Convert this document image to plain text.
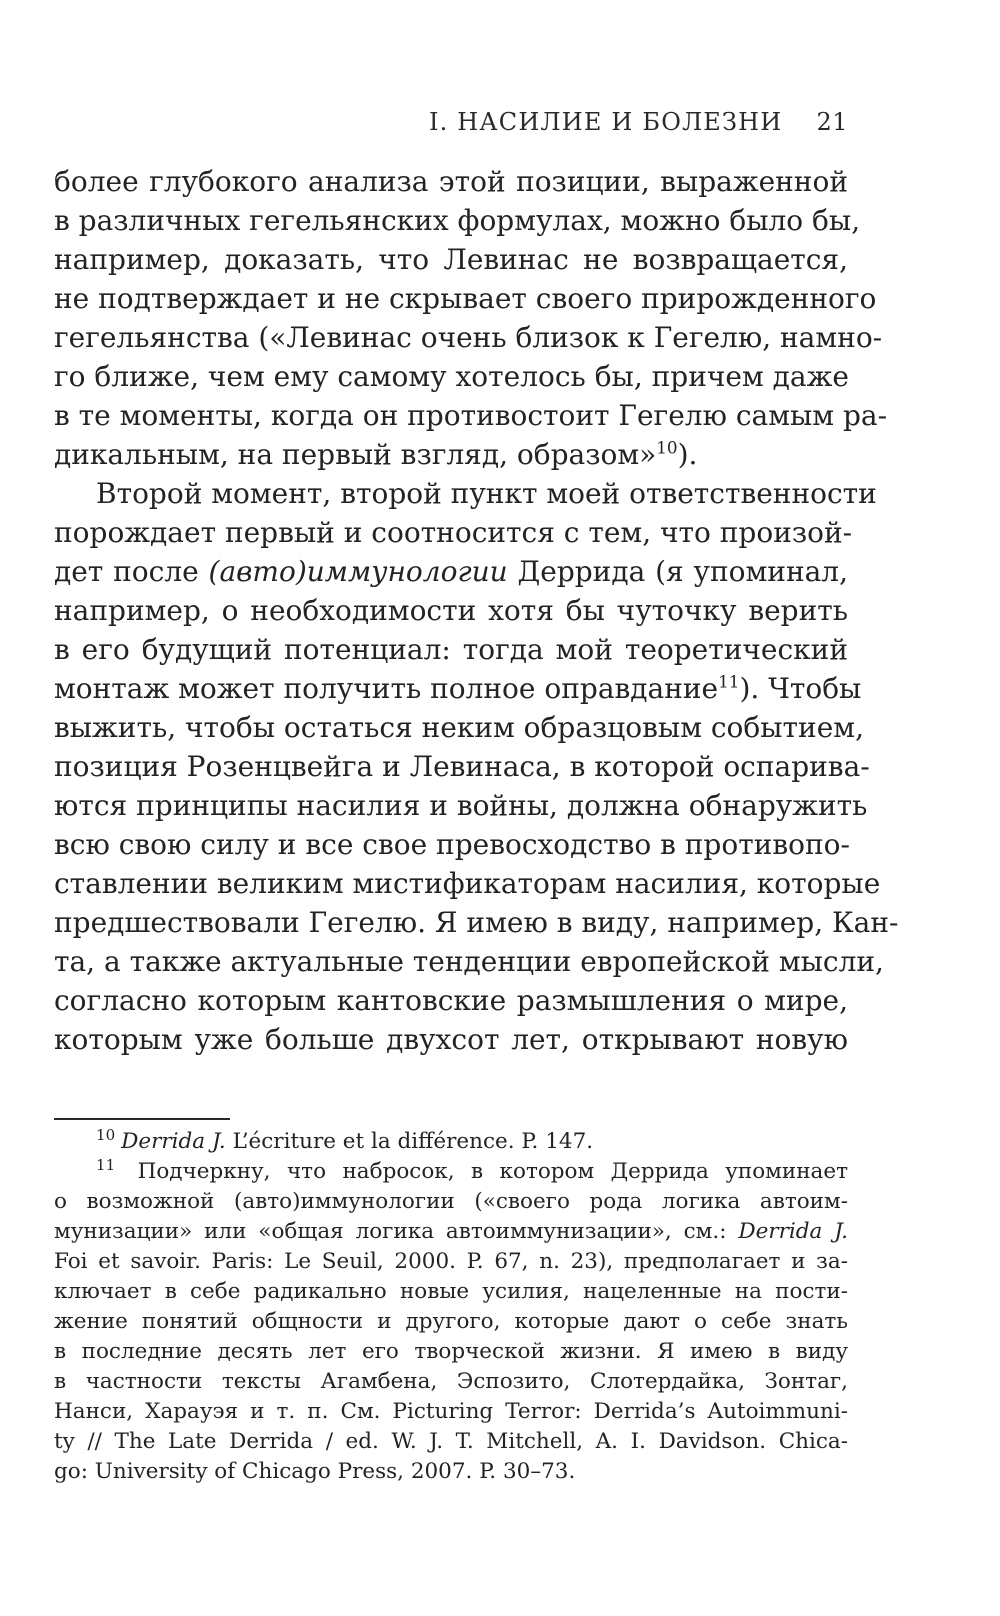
I. НАСИЛИЕ И БОЛЕЗНИ 21
более глубокого анализа этой позиции, выраженной
в различных гегельянских формулах, можно было бы,
например, доказать, что Левинас не возвращается,
не подтверждает и не скрывает своего прирожденного
гегельянства («Левинас очень близок к Гегелю, намно-
го ближе, чем ему самому хотелось бы, причем даже
в те моменты, когда он противостоит Гегелю самым ра-
дикальным, на первый взгляд, образом»$^{10}$).
Второй момент, второй пункт моей ответственности
порождает первый и соотносится с тем, что произой-
дет после (авто)иммунологии Деррида (я упоминал,
например, о необходимости хотя бы чуточку верить
в его будущий потенциал: тогда мой теоретический
монтаж может получить полное оправдание$^{11}$). Чтобы
выжить, чтобы остаться неким образцовым событием,
позиция Розенцвейга и Левинаса, в которой оспарива-
ются принципы насилия и войны, должна обнаружить
всю свою силу и все свое превосходство в противопо-
ставлении великим мистификаторам насилия, которые
предшествовали Гегелю. Я имею в виду, например, Кан-
та, а также актуальные тенденции европейской мысли,
согласно которым кантовские размышления о мире,
которым уже больше двухсот лет, открывают новую
$^{10}$ Derrida J. L’écriture et la différence. P. 147.
$^{11}$ Подчеркну, что набросок, в котором Деррида упоминает
о возможной (авто)иммунологии («своего рода логика автоим-
мунизации» или «общая логика автоиммунизации», см.: Derrida J.
Foi et savoir. Paris: Le Seuil, 2000. P. 67, n. 23), предполагает и за-
ключает в себе радикально новые усилия, нацеленные на пости-
жение понятий общности и другого, которые дают о себе знать
в последние десять лет его творческой жизни. Я имею в виду
в частности тексты Агамбена, Эспозито, Слотердайка, Зонтаг,
Нанси, Харауэя и т. п. См. Picturing Terror: Derrida’s Autoimmuni-
ty // The Late Derrida / ed. W. J. T. Mitchell, A. I. Davidson. Chica-
go: University of Chicago Press, 2007. P. 30–73.
